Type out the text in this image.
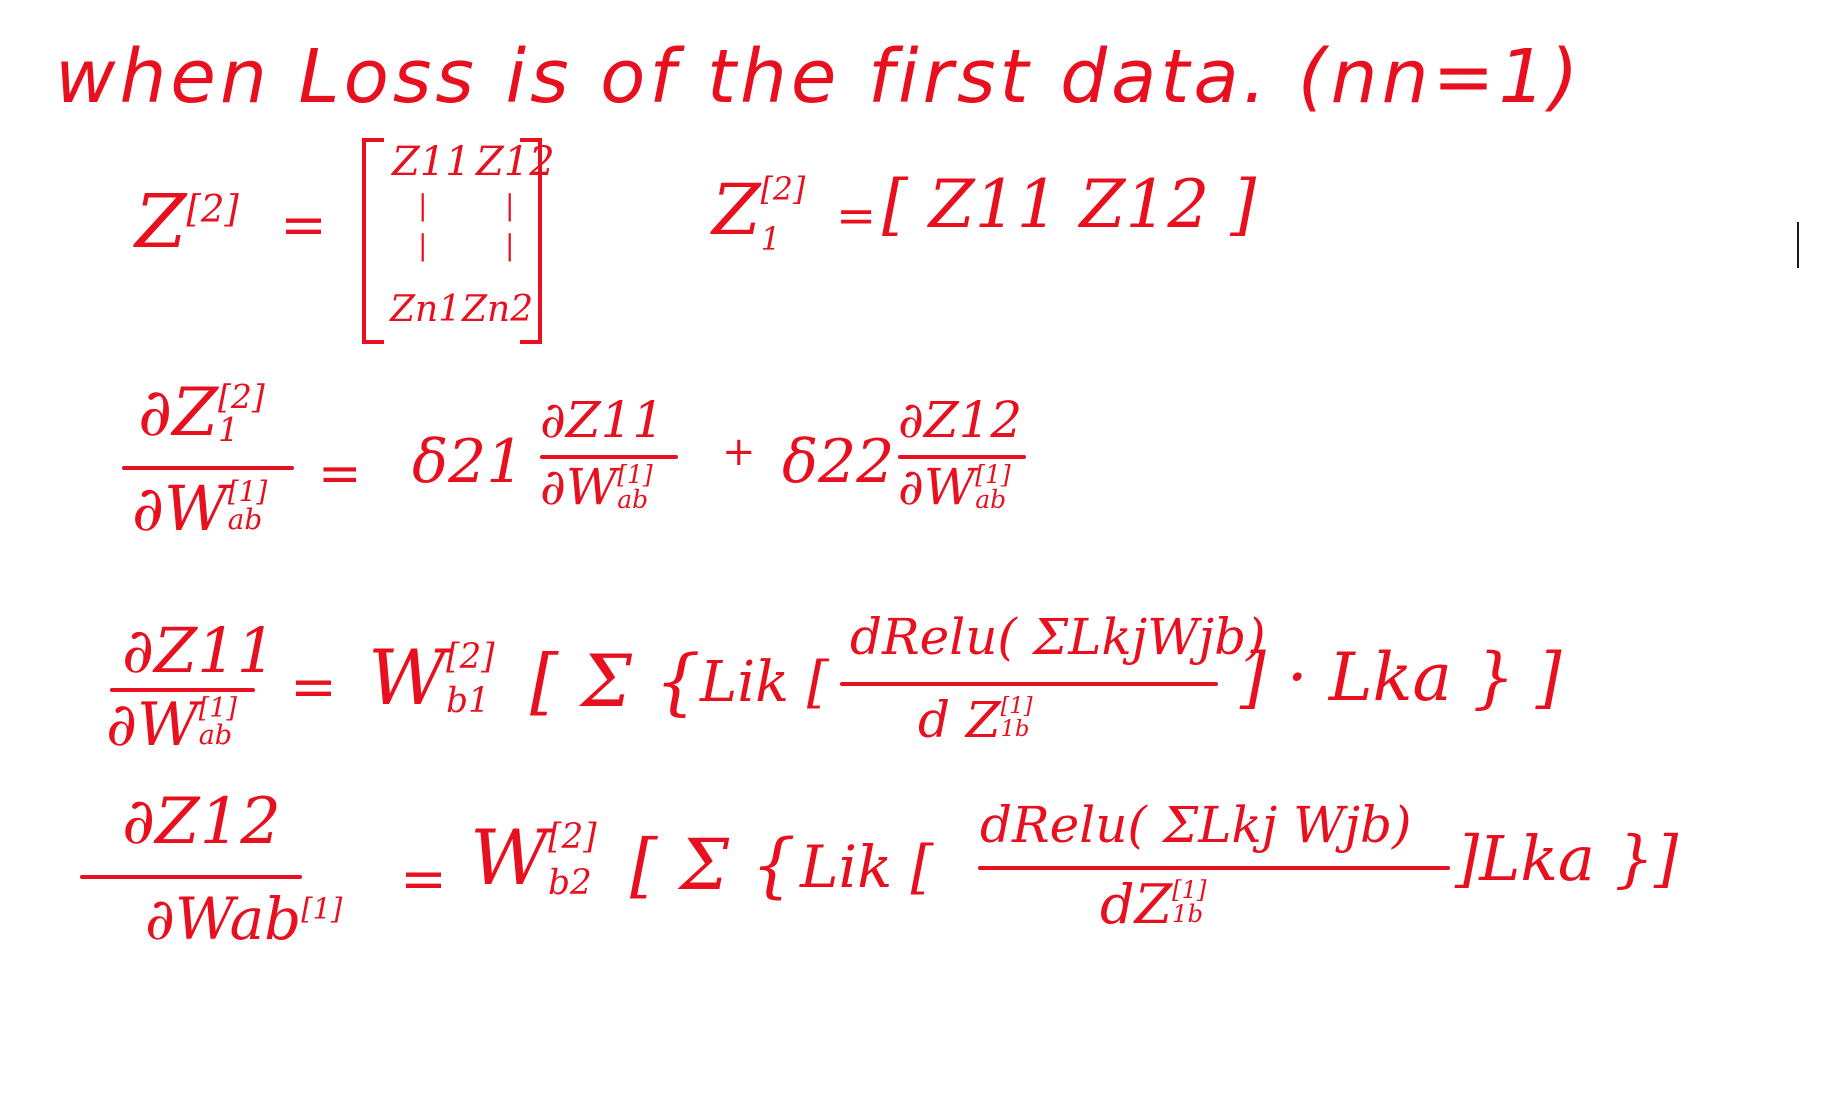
when Loss is of the first data. (nn=1)
Z[2] =
Z11 Z12
|	|
|	|
Zn1 Zn2
Z [2]
1	= [ Z11 Z12 ]
∂Z [2]
1
∂W [1]
ab
= δ21
∂Z11
∂W [1]
ab
+ δ22
∂Z12
∂W [1]
ab
∂Z11
∂W [1]
ab
= W [2]
b1 [ Σ { Lik [
dRelu( ΣLkjWjb)
d Z [1]
1b
] · Lka } ]
∂Z12
∂Wab[1] = W [2]
b2 [ Σ { Lik [
dRelu( ΣLkj Wjb)
dZ [1]
1b
]Lka }]
